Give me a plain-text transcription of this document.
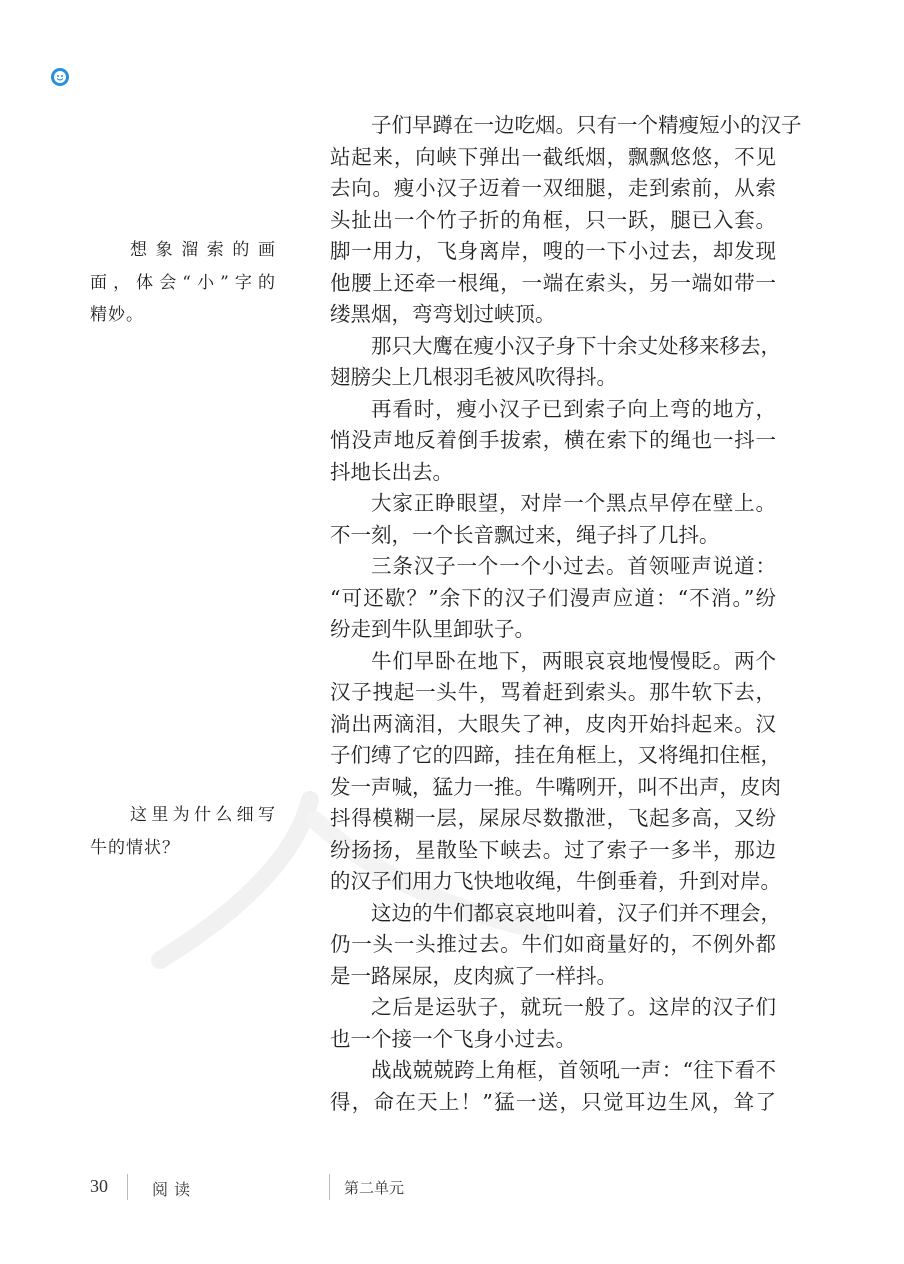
子们早蹲在一边吃烟。只有一个精瘦短小的汉子
站起来，向峡下弹出一截纸烟，飘飘悠悠，不见
去向。瘦小汉子迈着一双细腿，走到索前，从索
头扯出一个竹子折的角框，只一跃，腿已入套。
脚一用力，飞身离岸，嗖的一下小过去，却发现
他腰上还牵一根绳，一端在索头，另一端如带一
缕黑烟，弯弯划过峡顶。
那只大鹰在瘦小汉子身下十余丈处移来移去，
翅膀尖上几根羽毛被风吹得抖。
再看时，瘦小汉子已到索子向上弯的地方，
悄没声地反着倒手拔索，横在索下的绳也一抖一
抖地长出去。
大家正睁眼望，对岸一个黑点早停在壁上。
不一刻，一个长音飘过来，绳子抖了几抖。
三条汉子一个一个小过去。首领哑声说道：
“可还歇？”余下的汉子们漫声应道：“不消。”纷
纷走到牛队里卸驮子。
牛们早卧在地下，两眼哀哀地慢慢眨。两个
汉子拽起一头牛，骂着赶到索头。那牛软下去，
淌出两滴泪，大眼失了神，皮肉开始抖起来。汉
子们缚了它的四蹄，挂在角框上，又将绳扣住框，
发一声喊，猛力一推。牛嘴咧开，叫不出声，皮肉
抖得模糊一层，屎尿尽数撒泄，飞起多高，又纷
纷扬扬，星散坠下峡去。过了索子一多半，那边
的汉子们用力飞快地收绳，牛倒垂着，升到对岸。
这边的牛们都哀哀地叫着，汉子们并不理会，
仍一头一头推过去。牛们如商量好的，不例外都
是一路屎尿，皮肉疯了一样抖。
之后是运驮子，就玩一般了。这岸的汉子们
也一个接一个飞身小过去。
战战兢兢跨上角框，首领吼一声：“往下看不
得，命在天上！”猛一送，只觉耳边生风，耸了
想象溜索的画
面，体会“小”字的
精妙。
这里为什么细写
牛的情状？
30	阅读	第二单元
